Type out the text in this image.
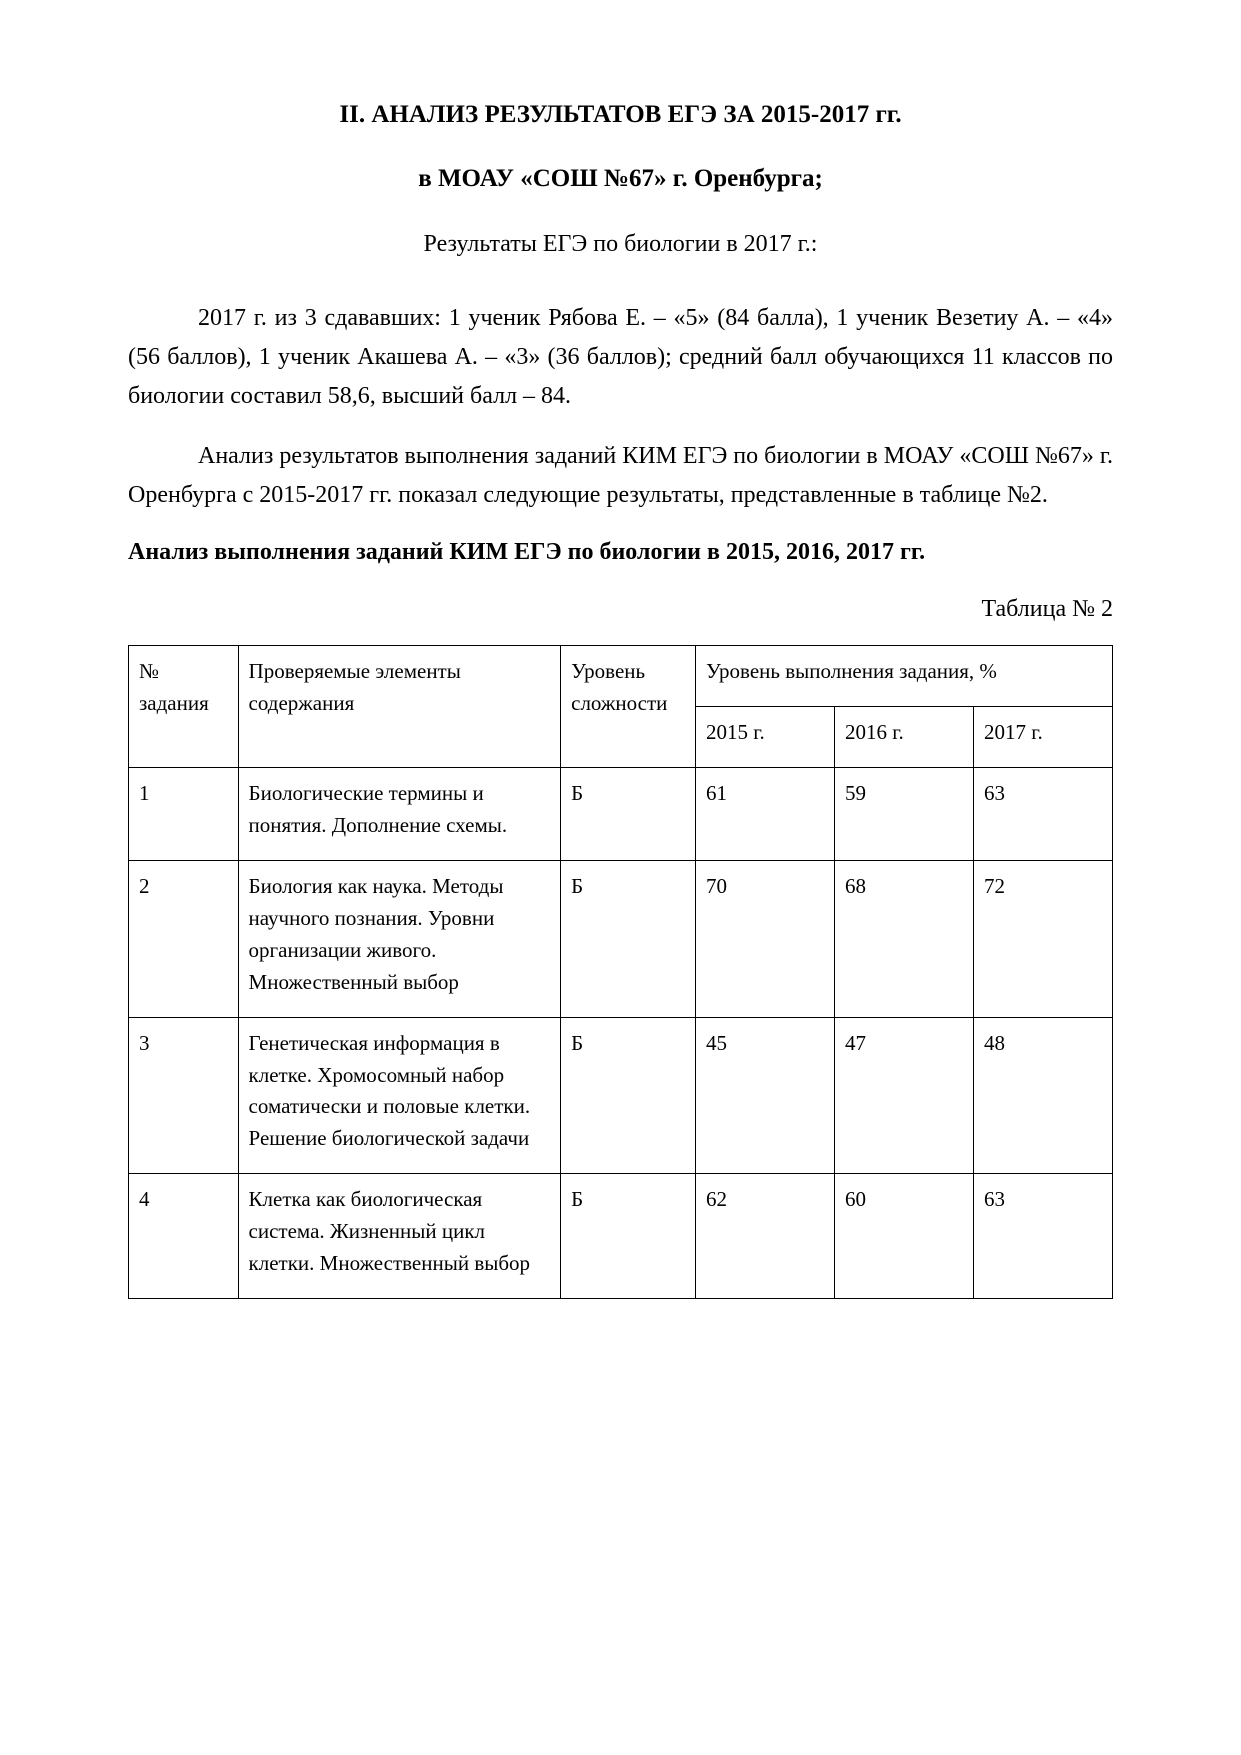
II. АНАЛИЗ РЕЗУЛЬТАТОВ ЕГЭ ЗА 2015-2017 гг.
в МОАУ «СОШ №67» г. Оренбурга;
Результаты ЕГЭ по биологии в 2017 г.:

2017 г. из 3 сдававших: 1 ученик Рябова Е. – «5» (84 балла), 1 ученик Везетиу А. – «4» (56 баллов), 1 ученик Акашева А. – «3» (36 баллов); средний балл обучающихся 11 классов по биологии составил 58,6, высший балл – 84.

Анализ результатов выполнения заданий КИМ ЕГЭ по биологии в МОАУ «СОШ №67» г. Оренбурга с 2015-2017 гг. показал следующие результаты, представленные в таблице №2.

Анализ выполнения заданий КИМ ЕГЭ по биологии в 2015, 2016, 2017 гг.
Таблица № 2
№ задания	Проверяемые элементы содержания	Уровень сложности	Уровень выполнения задания, %		
			2015 г.	2016 г.	2017 г.
1	Биологические термины и понятия. Дополнение схемы.	Б	61	59	63
2	Биология как наука. Методы научного познания. Уровни организации живого. Множественный выбор	Б	70	68	72
3	Генетическая информация в клетке. Хромосомный набор соматически и половые клетки. Решение биологической задачи	Б	45	47	48
4	Клетка как биологическая система. Жизненный цикл клетки. Множественный выбор	Б	62	60	63
